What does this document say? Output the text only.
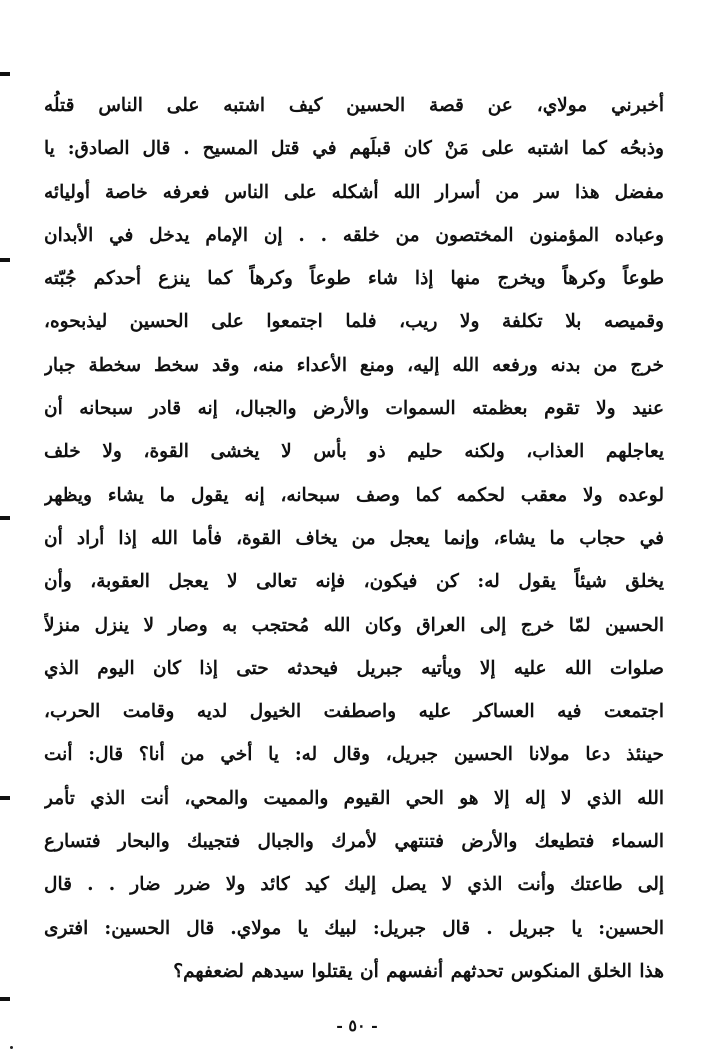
أخبرني مولاي، عن قصة الحسين كيف اشتبه على الناس قتلُه
وذبحُه كما اشتبه على مَنْ كان قبلَهم في قتل المسيح . قال الصادق: يا
مفضل هذا سر من أسرار الله أشكله على الناس فعرفه خاصة أوليائه
وعباده المؤمنون المختصون من خلقه . . إن الإمام يدخل في الأبدان
طوعاً وكرهاً ويخرج منها إذا شاء طوعاً وكرهاً كما ينزع أحدكم جُبّته
وقميصه بلا تكلفة ولا ريب، فلما اجتمعوا على الحسين ليذبحوه،
خرج من بدنه ورفعه الله إليه، ومنع الأعداء منه، وقد سخط سخطة جبار
عنيد ولا تقوم بعظمته السموات والأرض والجبال، إنه قادر سبحانه أن
يعاجلهم العذاب، ولكنه حليم ذو بأس لا يخشى القوة، ولا خلف
لوعده ولا معقب لحكمه كما وصف سبحانه، إنه يقول ما يشاء ويظهر
في حجاب ما يشاء، وإنما يعجل من يخاف القوة، فأما الله إذا أراد أن
يخلق شيئاً يقول له: كن فيكون، فإنه تعالى لا يعجل العقوبة، وأن
الحسين لمّا خرج إلى العراق وكان الله مُحتجب به وصار لا ينزل منزلاً
صلوات الله عليه إلا ويأتيه جبريل فيحدثه حتى إذا كان اليوم الذي
اجتمعت فيه العساكر عليه واصطفت الخيول لديه وقامت الحرب،
حينئذ دعا مولانا الحسين جبريل، وقال له: يا أخي من أنا؟ قال: أنت
الله الذي لا إله إلا هو الحي القيوم والمميت والمحي، أنت الذي تأمر
السماء فتطيعك والأرض فتنتهي لأمرك والجبال فتجيبك والبحار فتسارع
إلى طاعتك وأنت الذي لا يصل إليك كيد كائد ولا ضرر ضار . . قال
الحسين: يا جبريل . قال جبريل: لبيك يا مولاي. قال الحسين: افترى
هذا الخلق المنكوس تحدثهم أنفسهم أن يقتلوا سيدهم لضعفهم؟
- ٥٠ -
